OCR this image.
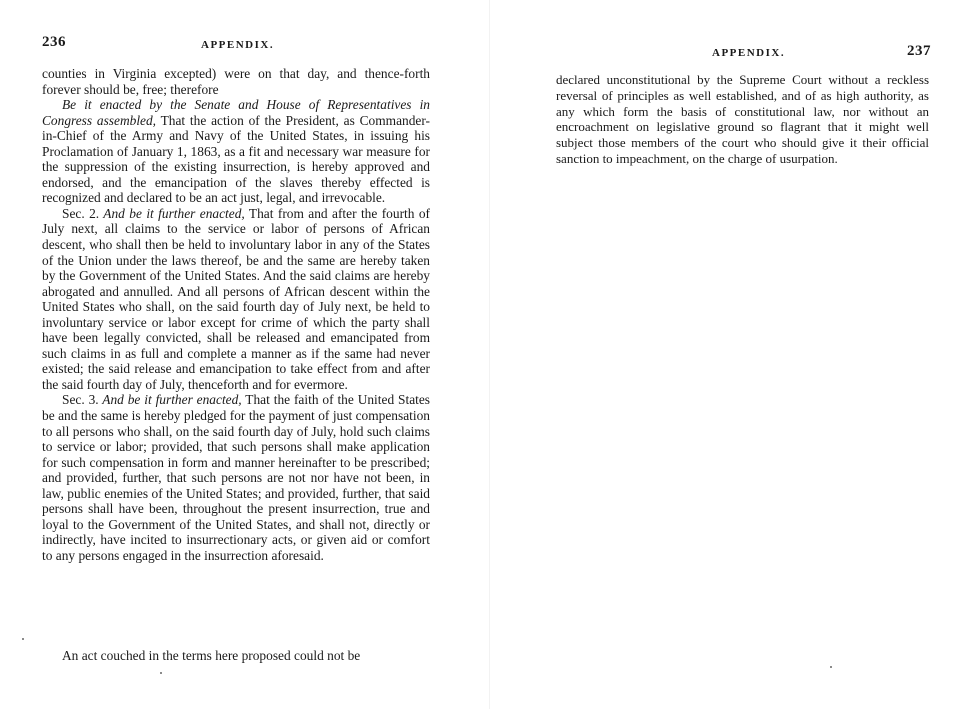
236	APPENDIX.

counties in Virginia excepted) were on that day, and thence-forth forever should be, free; therefore

Be it enacted by the Senate and House of Representatives in Congress assembled, That the action of the President, as Commander-in-Chief of the Army and Navy of the United States, in issuing his Proclamation of January 1, 1863, as a fit and necessary war measure for the suppression of the existing insurrection, is hereby approved and endorsed, and the emancipation of the slaves thereby effected is recognized and declared to be an act just, legal, and irrevocable.

Sec. 2. And be it further enacted, That from and after the fourth of July next, all claims to the service or labor of persons of African descent, who shall then be held to involuntary labor in any of the States of the Union under the laws thereof, be and the same are hereby taken by the Government of the United States. And the said claims are hereby abrogated and annulled. And all persons of African descent within the United States who shall, on the said fourth day of July next, be held to involuntary service or labor except for crime of which the party shall have been legally convicted, shall be released and emancipated from such claims in as full and complete a manner as if the same had never existed; the said release and emancipation to take effect from and after the said fourth day of July, thenceforth and for evermore.

Sec. 3. And be it further enacted, That the faith of the United States be and the same is hereby pledged for the payment of just compensation to all persons who shall, on the said fourth day of July, hold such claims to service or labor; provided, that such persons shall make application for such compensation in form and manner hereinafter to be prescribed; and provided, further, that such persons are not nor have not been, in law, public enemies of the United States; and provided, further, that said persons shall have been, throughout the present insurrection, true and loyal to the Government of the United States, and shall not, directly or indirectly, have incited to insurrectionary acts, or given aid or comfort to any persons engaged in the insurrection aforesaid.

An act couched in the terms here proposed could not be
APPENDIX.	237

declared unconstitutional by the Supreme Court without a reckless reversal of principles as well established, and of as high authority, as any which form the basis of constitutional law, nor without an encroachment on legislative ground so flagrant that it might well subject those members of the court who should give it their official sanction to impeachment, on the charge of usurpation.
